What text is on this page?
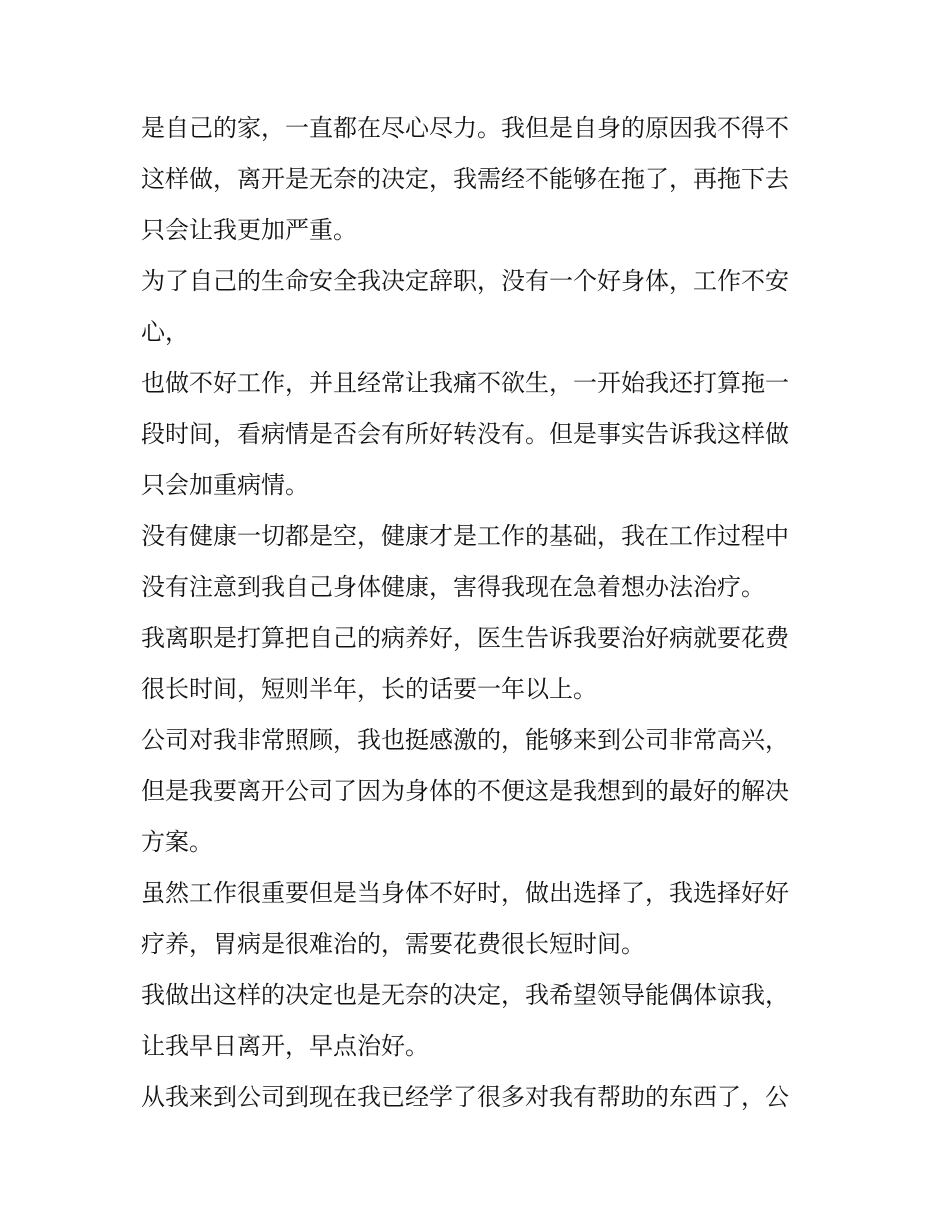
是自己的家，一直都在尽心尽力。我但是自身的原因我不得不
这样做，离开是无奈的决定，我需经不能够在拖了，再拖下去
只会让我更加严重。
为了自己的生命安全我决定辞职，没有一个好身体，工作不安
心，
也做不好工作，并且经常让我痛不欲生，一开始我还打算拖一
段时间，看病情是否会有所好转没有。但是事实告诉我这样做
只会加重病情。
没有健康一切都是空，健康才是工作的基础，我在工作过程中
没有注意到我自己身体健康，害得我现在急着想办法治疗。
我离职是打算把自己的病养好，医生告诉我要治好病就要花费
很长时间，短则半年，长的话要一年以上。
公司对我非常照顾，我也挺感激的，能够来到公司非常高兴，
但是我要离开公司了因为身体的不便这是我想到的最好的解决
方案。
虽然工作很重要但是当身体不好时，做出选择了，我选择好好
疗养，胃病是很难治的，需要花费很长短时间。
我做出这样的决定也是无奈的决定，我希望领导能偶体谅我，
让我早日离开，早点治好。
从我来到公司到现在我已经学了很多对我有帮助的东西了，公
